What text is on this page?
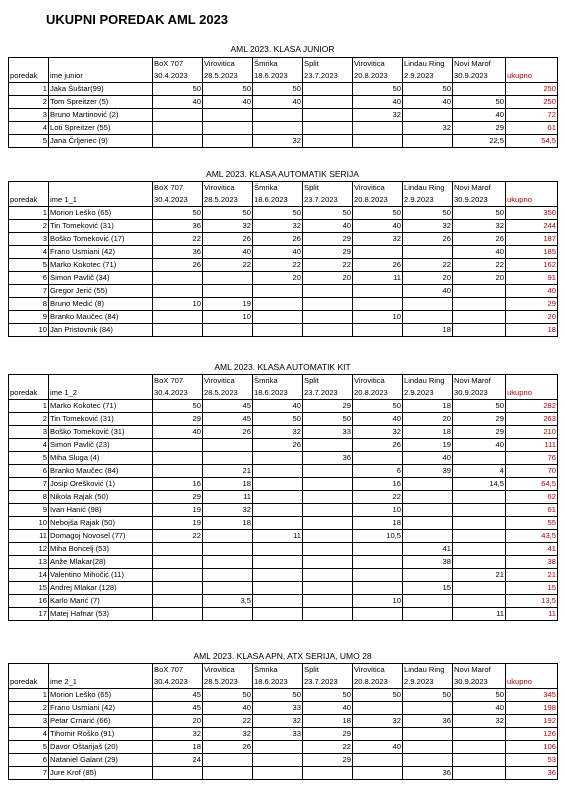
UKUPNI POREDAK AML 2023
AML 2023. KLASA JUNIOR
		BoX 707	Virovitica	Šmrika	Split	Virovitica	Lindau Ring	Novi Marof	
poredak	ime junior	30.4.2023	28.5.2023	18.6.2023	23.7.2023	20.8.2023	2.9.2023	30.9.2023	ukupno
1	Jaka Šuštar(99)	50	50	50		50	50		250
2	Tom Spreitzer (5)	40	40	40		40	40	50	250
3	Bruno Martinović (2)					32		40	72
4	Loti Spreitzer (55)						32	29	61
5	Jana Črljenec (9)			32				22,5	54,5
AML 2023. KLASA AUTOMATIK SERIJA
		BoX 707	Virovitica	Šmrika	Split	Virovitica	Lindau Ring	Novi Marof	
poredak	ime 1_1	30.4.2023	28.5.2023	18.6.2023	23.7.2023	20.8.2023	2.9.2023	30.9.2023	ukupno
1	Morion Leško (65)	50	50	50	50	50	50	50	350
2	Tin Tomeković (31)	36	32	32	40	40	32	32	244
3	Boško Tomeković (17)	22	26	26	29	32	26	26	187
4	Frano Usmiani (42)	36	40	40	29			40	185
5	Marko Kokotec (71)	26	22	22	22	26	22	22	162
6	Simon Pavlič (34)			20	20	11	20	20	91
7	Gregor Jerić (55)						40		40
8	Bruno Medić (8)	10	19						29
9	Branko Maučec (84)		10			10			20
10	Jan Pristovnik (84)						18		18
AML 2023. KLASA AUTOMATIK KIT
		BoX 707	Virovitica	Šmrika	Split	Virovitica	Lindau Ring	Novi Marof	
poredak	ime 1_2	30.4.2023	28.5.2023	18.6.2023	23.7.2023	20.8.2023	2.9.2023	30.9.2023	ukupno
1	Marko Kokotec (71)	50	45	40	29	50	18	50	282
2	Tin Tomeković (31)	29	45	50	50	40	20	29	263
3	Boško Tomeković (31)	40	26	32	33	32	18	29	210
4	Simon Pavlič (23)			26		26	19	40	111
5	Miha Sluga (4)				36		40		76
6	Branko Maučec (84)		21			6	39	4	70
7	Josip Orešković (1)	16	18			16		14,5	64,5
8	Nikola Rajak (50)	29	11			22			62
9	Ivan Hanić (98)	19	32			10			61
10	Nebojša Rajak (50)	19	18			18			55
11	Domagoj Novosel (77)	22		11		10,5			43,5
12	Miha Boncelj (53)						41		41
13	Anže Mlakar(28)						38		38
14	Valentino Mihočić (11)							21	21
15	Andrej Mlakar (128)						15		15
16	Karlo Marić (7)		3,5			10			13,5
17	Matej Hafnar (53)							11	11
AML 2023. KLASA APN, ATX SERIJA, UMO 28
		BoX 707	Virovitica	Šmrika	Split	Virovitica	Lindau Ring	Novi Marof	
poredak	ime 2_1	30.4.2023	28.5.2023	18.6.2023	23.7.2023	20.8.2023	2.9.2023	30.9.2023	ukupno
1	Morion Leško (65)	45	50	50	50	50	50	50	345
2	Frano Usmiani (42)	45	40	33	40			40	198
3	Petar Crnarić (66)	20	22	32	18	32	36	32	192
4	Tihomir Roško (91)	32	32	33	29				126
5	Davor Oštarijaš (20)	18	26		22	40			106
6	Nataniel Galant (29)	24			29				53
7	Jure Krof (85)						36		36
